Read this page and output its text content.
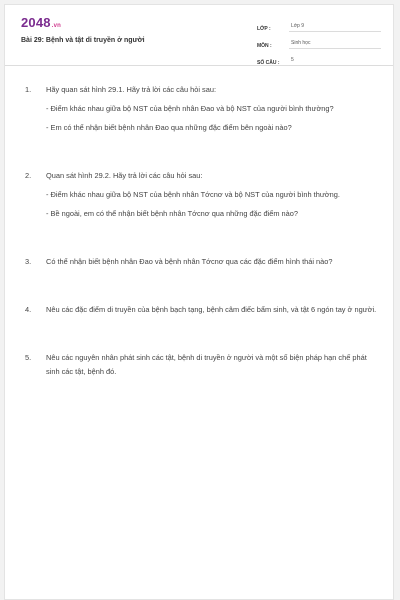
2048.vn
Bài 29: Bệnh và tật di truyền ở người
LỚP :	Lớp 9
MÔN :	Sinh học
SỐ CÂU :	5
1.	Hãy quan sát hình 29.1. Hãy trả lời các câu hỏi sau:

- Điểm khác nhau giữa bộ NST của bệnh nhân Đao và bộ NST của người bình thường?

- Em có thể nhận biết bệnh nhân Đao qua những đặc điểm bên ngoài nào?

2.	Quan sát hình 29.2. Hãy trả lời các câu hỏi sau:

- Điểm khác nhau giữa bộ NST của bệnh nhân Tớcnơ và bộ NST của người bình thường.

- Bề ngoài, em có thể nhận biết bệnh nhân Tớcnơ qua những đặc điểm nào?

3.	Có thể nhận biết bệnh nhân Đao và bệnh nhân Tớcnơ qua các đặc điểm hình thái nào?

4.	Nêu các đặc điểm di truyền của bệnh bạch tạng, bệnh câm điếc bẩm sinh, và tật 6 ngón tay ở người.

5.	Nêu các nguyên nhân phát sinh các tật, bệnh di truyền ở người và một số biện pháp hạn chế phát sinh các tật, bệnh đó.
